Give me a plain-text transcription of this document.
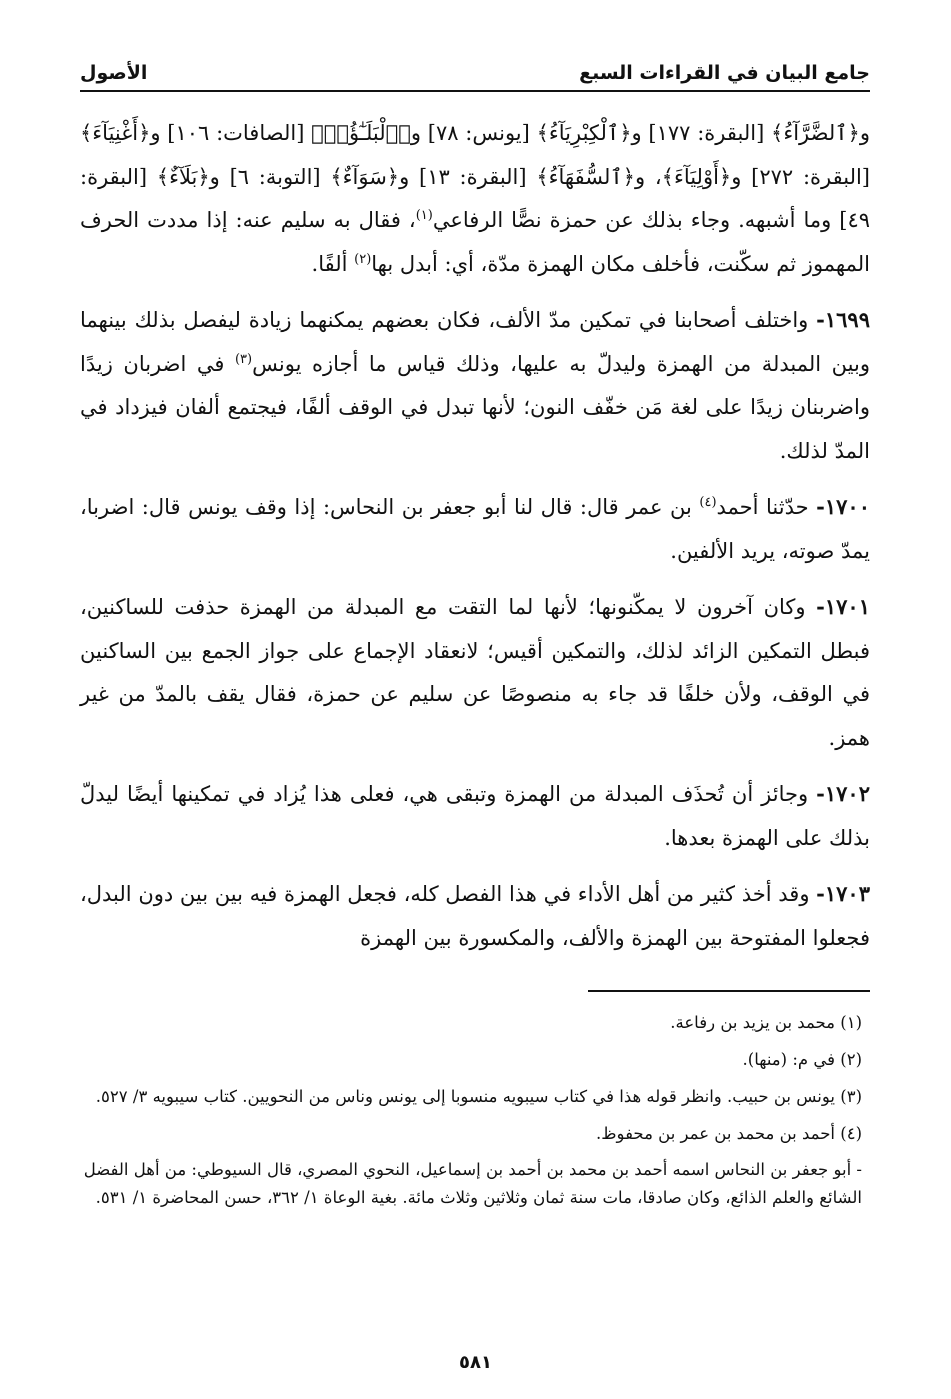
جامع البيان في القراءات السبع
الأصول

و﴿ٱلضَّرَّآءُ﴾ [البقرة: ١٧٧] و﴿ٱلْكِبْرِيَآءُ﴾ [يونس: ٧٨] و﴿ٱلْبَلَـٰٓؤُا۟﴾ [الصافات: ١٠٦] و﴿أَغْنِيَآءَ﴾ [البقرة: ٢٧٢] و﴿أَوْلِيَآءَ﴾، و﴿ٱلسُّفَهَآءُ﴾ [البقرة: ١٣] و﴿سَوَآءٌ﴾ [التوبة: ٦] و﴿بَلَآءٌ﴾ [البقرة: ٤٩] وما أشبهه. وجاء بذلك عن حمزة نصًّا الرفاعي$^{(١)}$، فقال به سليم عنه: إذا مددت الحرف المهموز ثم سكّنت، فأخلف مكان الهمزة مدّة، أي: أبدل بها$^{(٢)}$ ألفًا.

١٦٩٩- واختلف أصحابنا في تمكين مدّ الألف، فكان بعضهم يمكنهما زيادة ليفصل بذلك بينهما وبين المبدلة من الهمزة وليدلّ به عليها، وذلك قياس ما أجازه يونس$^{(٣)}$ في اضربان زيدًا واضربنان زيدًا على لغة مَن خفّف النون؛ لأنها تبدل في الوقف ألفًا، فيجتمع ألفان فيزداد في المدّ لذلك.

١٧٠٠- حدّثنا أحمد$^{(٤)}$ بن عمر قال: قال لنا أبو جعفر بن النحاس: إذا وقف يونس قال: اضربا، يمدّ صوته، يريد الألفين.

١٧٠١- وكان آخرون لا يمكّنونها؛ لأنها لما التقت مع المبدلة من الهمزة حذفت للساكنين، فبطل التمكين الزائد لذلك، والتمكين أقيس؛ لانعقاد الإجماع على جواز الجمع بين الساكنين في الوقف، ولأن خلفًا قد جاء به منصوصًا عن سليم عن حمزة، فقال يقف بالمدّ من غير همز.

١٧٠٢- وجائز أن تُحذَف المبدلة من الهمزة وتبقى هي، فعلى هذا يُزاد في تمكينها أيضًا ليدلّ بذلك على الهمزة بعدها.

١٧٠٣- وقد أخذ كثير من أهل الأداء في هذا الفصل كله، فجعل الهمزة فيه بين بين دون البدل، فجعلوا المفتوحة بين الهمزة والألف، والمكسورة بين الهمزة

(١) محمد بن يزيد بن رفاعة.

(٢) في م: (منها).

(٣) يونس بن حبيب. وانظر قوله هذا في كتاب سيبويه منسوبا إلى يونس وناس من النحويين. كتاب سيبويه ٣/ ٥٢٧.

(٤) أحمد بن محمد بن عمر بن محفوظ.

- أبو جعفر بن النحاس اسمه أحمد بن محمد بن أحمد بن إسماعيل، النحوي المصري، قال السيوطي: من أهل الفضل الشائع والعلم الذائع، وكان صادقا، مات سنة ثمان وثلاثين وثلاث مائة. بغية الوعاة ١/ ٣٦٢، حسن المحاضرة ١/ ٥٣١.

٥٨١
